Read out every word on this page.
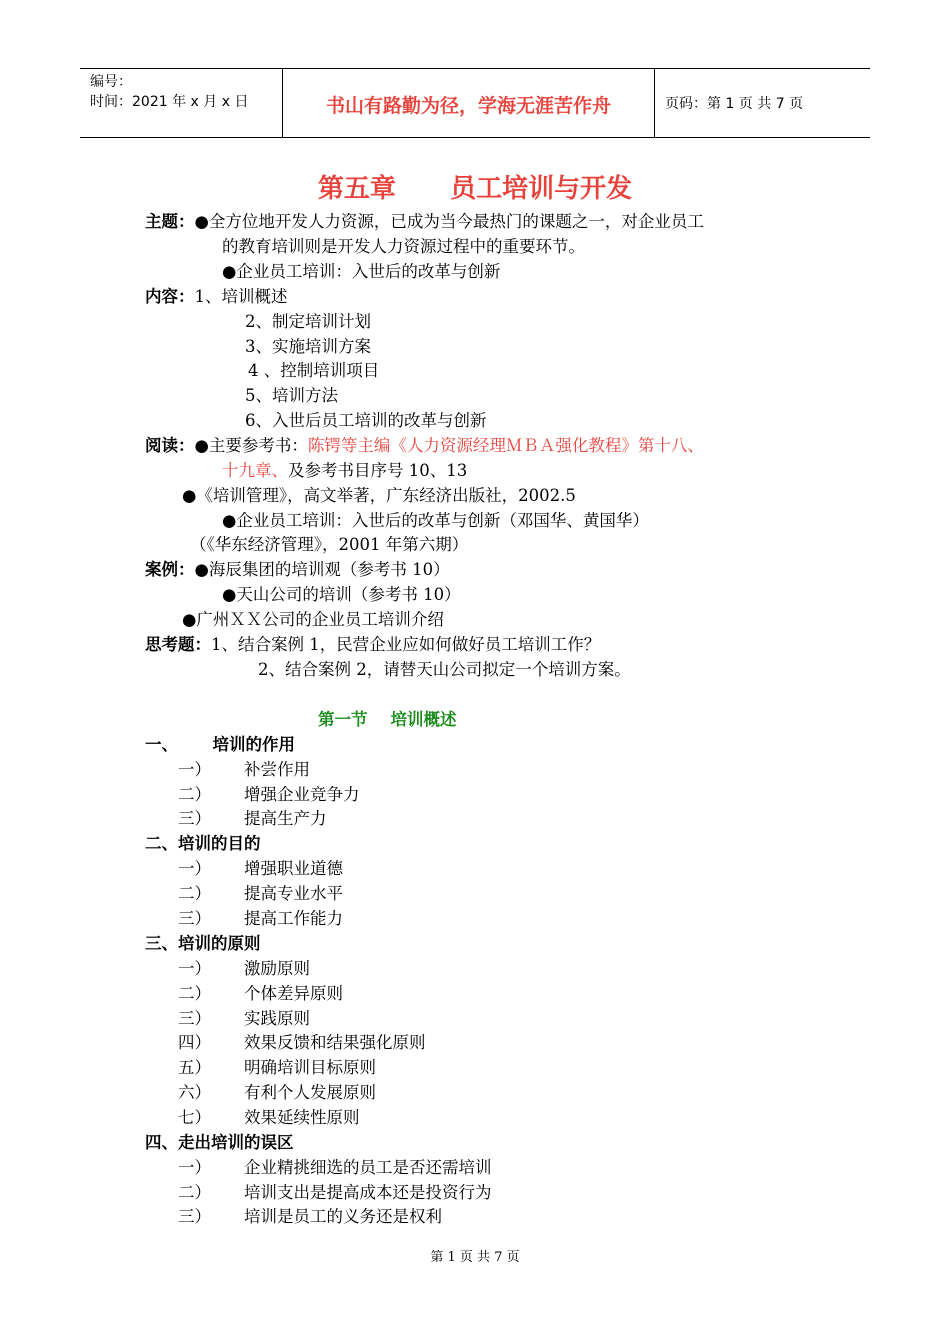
编号：
时间：2021 年 x 月 x 日	书山有路勤为径，学海无涯苦作舟	页码：第 1 页 共 7 页
第五章      员工培训与开发
主题：●全方位地开发人力资源，已成为当今最热门的课题之一，对企业员工
的教育培训则是开发人力资源过程中的重要环节。
●企业员工培训：入世后的改革与创新
内容：1、培训概述
2、制定培训计划
3、实施培训方案
4 、控制培训项目
5、培训方法
6、入世后员工培训的改革与创新
阅读：●主要参考书：陈锷等主编《人力资源经理ＭＢＡ强化教程》第十八、
十九章、及参考书目序号 10、13
●《培训管理》，高文举著，广东经济出版社，2002.5
●企业员工培训：入世后的改革与创新（邓国华、黄国华）
（《华东经济管理》，2001 年第六期）
案例：●海辰集团的培训观（参考书 10）
●天山公司的培训（参考书 10）
●广州ＸＸ公司的企业员工培训介绍
思考题：1、结合案例 1，民营企业应如何做好员工培训工作？
2、结合案例 2，请替天山公司拟定一个培训方案。
第一节    培训概述
一、      培训的作用
一） 补尝作用
二） 增强企业竞争力
三） 提高生产力
二、培训的目的
一） 增强职业道德
二） 提高专业水平
三） 提高工作能力
三、培训的原则
一） 激励原则
二） 个体差异原则
三） 实践原则
四） 效果反馈和结果强化原则
五） 明确培训目标原则
六） 有利个人发展原则
七） 效果延续性原则
四、走出培训的误区
一） 企业精挑细选的员工是否还需培训
二） 培训支出是提高成本还是投资行为
三） 培训是员工的义务还是权利
第 1 页 共 7 页
